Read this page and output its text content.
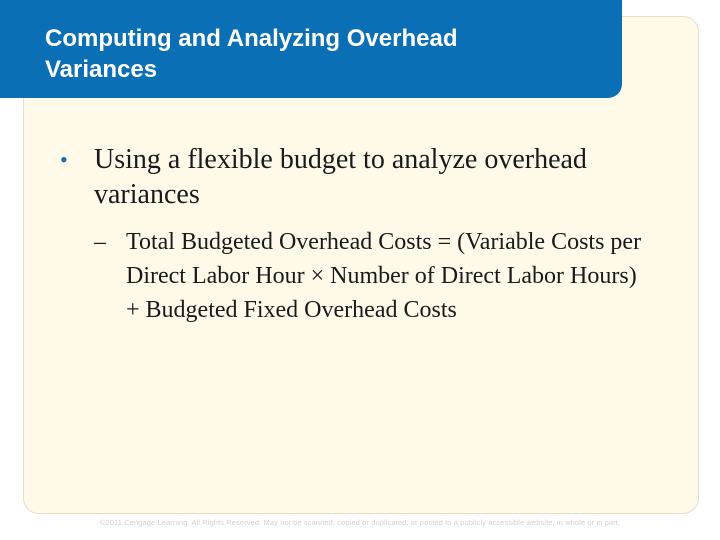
Computing and Analyzing Overhead Variances
• Using a flexible budget to analyze overhead variances
– Total Budgeted Overhead Costs = (Variable Costs per Direct Labor Hour × Number of Direct Labor Hours) + Budgeted Fixed Overhead Costs
©2011 Cengage Learning. All Rights Reserved. May not be scanned, copied or duplicated, or posted to a publicly accessible website, in whole or in part.
